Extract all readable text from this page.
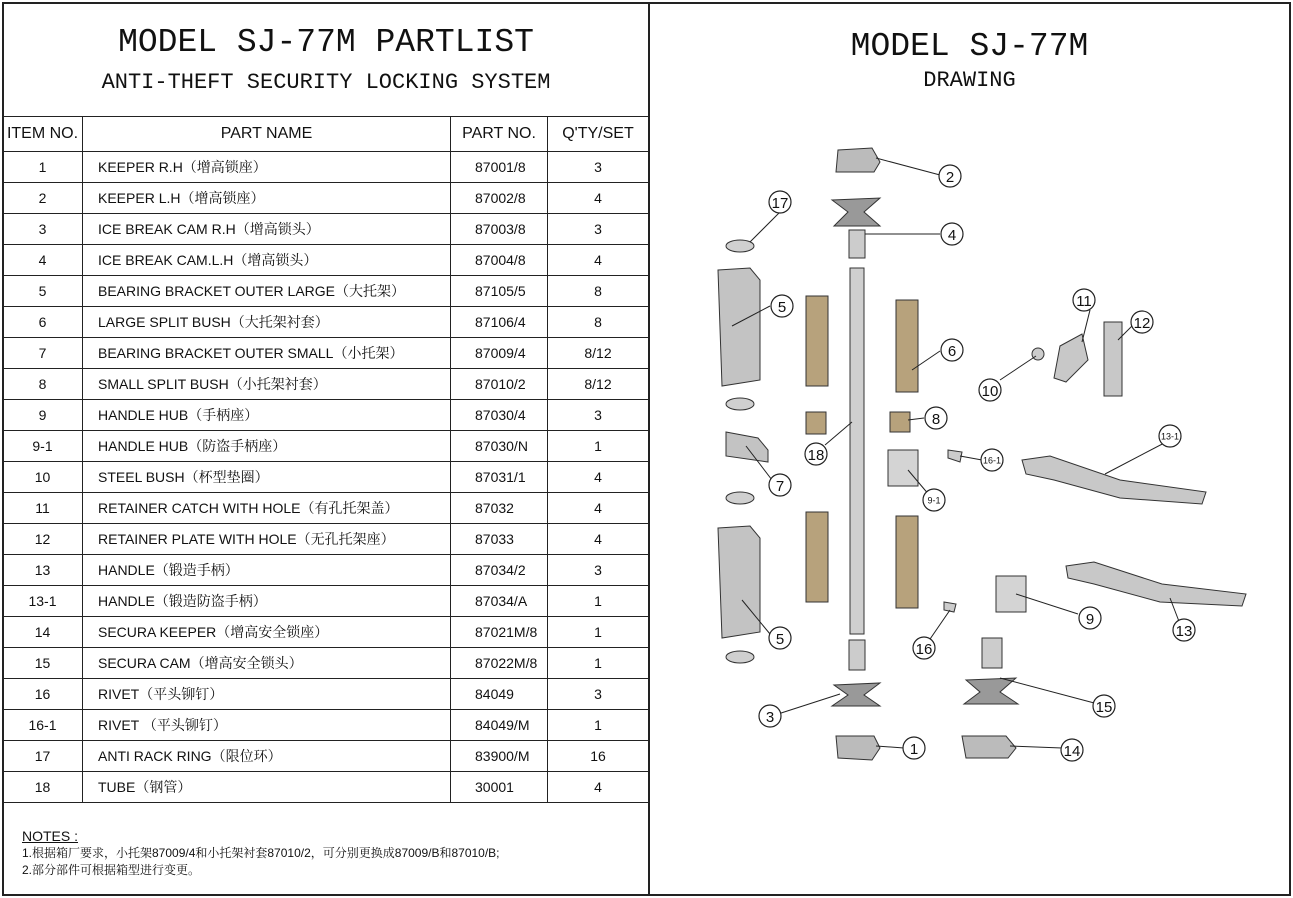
MODEL SJ-77M PARTLIST
ANTI-THEFT SECURITY LOCKING SYSTEM
MODEL SJ-77M
DRAWING
ITEM NO.	PART NAME	PART NO.	Q'TY/SET
1	KEEPER R.H（增高锁座）	87001/8	3
2	KEEPER L.H（增高锁座）	87002/8	4
3	ICE BREAK CAM R.H（增高锁头）	87003/8	3
4	ICE BREAK CAM.L.H（增高锁头）	87004/8	4
5	BEARING BRACKET OUTER LARGE（大托架）	87105/5	8
6	LARGE SPLIT BUSH（大托架衬套）	87106/4	8
7	BEARING BRACKET OUTER SMALL（小托架）	87009/4	8/12
8	SMALL SPLIT BUSH（小托架衬套）	87010/2	8/12
9	HANDLE HUB（手柄座）	87030/4	3
9-1	HANDLE HUB（防盗手柄座）	87030/N	1
10	STEEL BUSH（杯型垫圈）	87031/1	4
11	RETAINER CATCH WITH HOLE（有孔托架盖）	87032	4
12	RETAINER PLATE WITH HOLE（无孔托架座）	87033	4
13	HANDLE（锻造手柄）	87034/2	3
13-1	HANDLE（锻造防盗手柄）	87034/A	1
14	SECURA KEEPER（增高安全锁座）	87021M/8	1
15	SECURA CAM（增高安全锁头）	87022M/8	1
16	RIVET（平头铆钉）	84049	3
16-1	RIVET （平头铆钉）	84049/M	1
17	ANTI RACK RING（限位环）	83900/M	16
18	TUBE（钢管）	30001	4
NOTES :
1.根据箱厂要求，小托架87009/4和小托架衬套87010/2，可分别更换成87009/B和87010/B;
2.部分部件可根据箱型进行变更。
2
17
4
11
12
5
6
10
8
18
13-1
16-1
7
9-1
9
13
5
16
3
15
1	14
